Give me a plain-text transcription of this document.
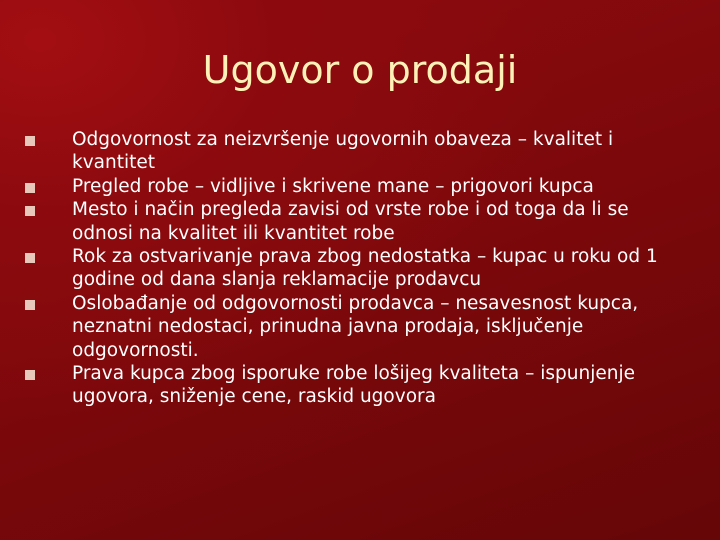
Ugovor o prodaji
Odgovornost za neizvršenje ugovornih obaveza – kvalitet i kvantitet
Pregled robe – vidljive i skrivene mane – prigovori kupca
Mesto i način pregleda zavisi od vrste robe i od toga da li se odnosi na kvalitet ili kvantitet robe
Rok za ostvarivanje prava zbog nedostatka – kupac u roku od 1 godine od dana slanja reklamacije prodavcu
Oslobađanje od odgovornosti prodavca – nesavesnost kupca, neznatni nedostaci, prinudna javna prodaja, isključenje odgovornosti.
Prava kupca zbog isporuke robe lošijeg kvaliteta – ispunjenje ugovora, sniženje cene, raskid ugovora
